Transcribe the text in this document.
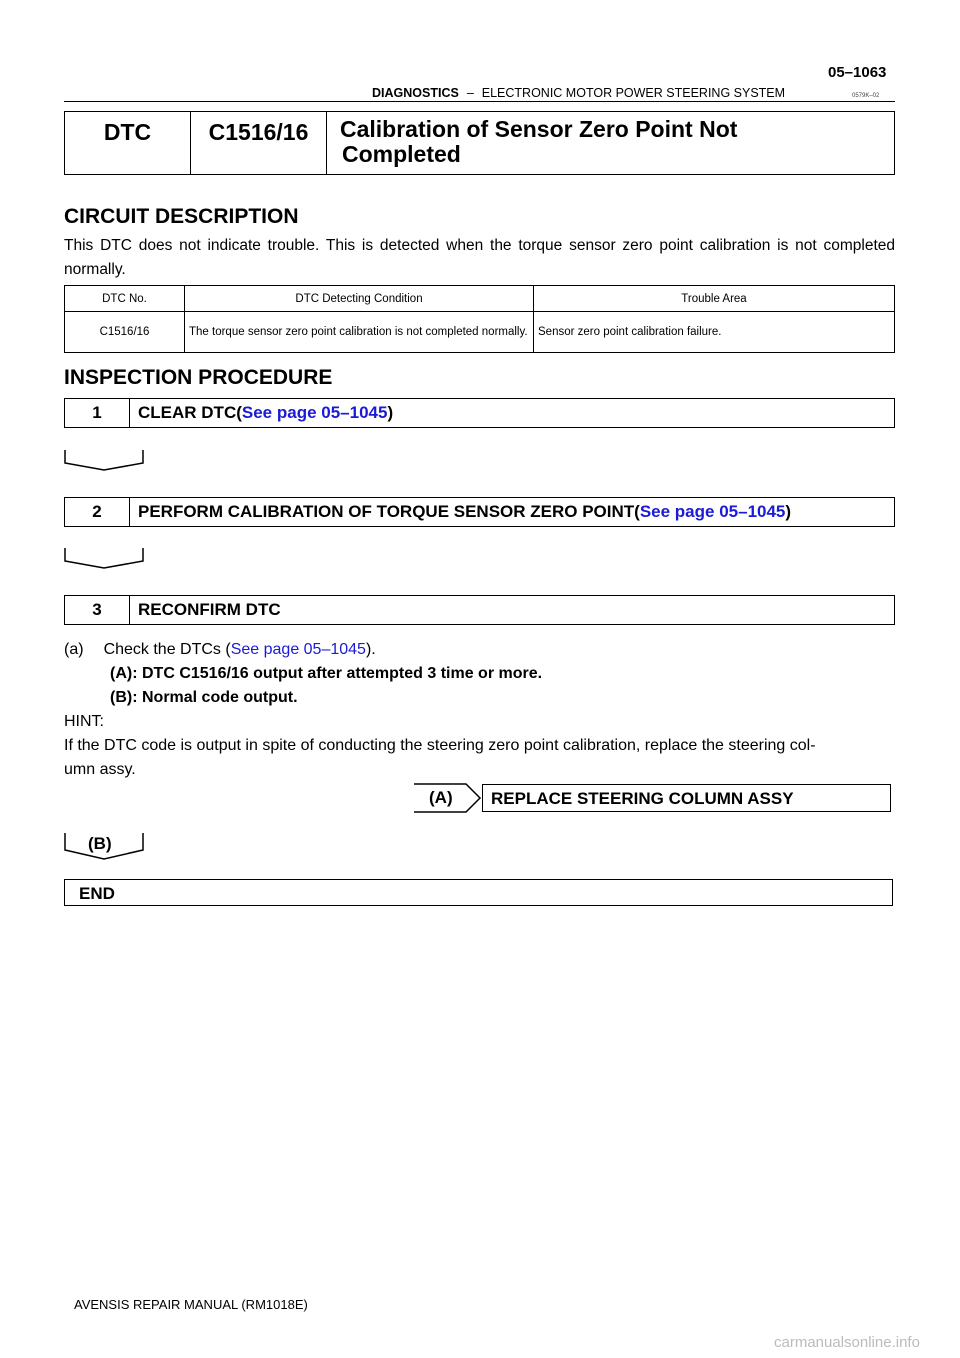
05–1063
DIAGNOSTICS – ELECTRONIC MOTOR POWER STEERING SYSTEM	0579K–02
DTC	C1516/16	Calibration of Sensor Zero Point Not
Completed
CIRCUIT DESCRIPTION
This DTC does not indicate trouble. This is detected when the torque sensor zero point calibration is not completed normally.
DTC No.	DTC Detecting Condition	Trouble Area
C1516/16	The torque sensor zero point calibration is not completed normally.	Sensor zero point calibration failure.
INSPECTION PROCEDURE
1	CLEAR DTC(See page 05–1045)
2	PERFORM CALIBRATION OF TORQUE SENSOR ZERO POINT(See page 05–1045)
3	RECONFIRM DTC
(a) Check the DTCs (See page 05–1045).
(A): DTC C1516/16 output after attempted 3 time or more.
(B): Normal code output.
HINT:
If the DTC code is output in spite of conducting the steering zero point calibration, replace the steering col-
umn assy.
(A)	REPLACE STEERING COLUMN ASSY
(B)
END
AVENSIS REPAIR MANUAL (RM1018E)
carmanualsonline.info
